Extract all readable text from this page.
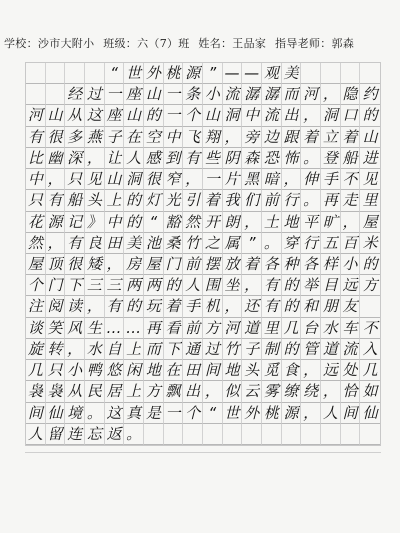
学校：沙市大附小 班级：六（7）班 姓名：王品家 指导老师：郭森
“ 世 外 桃 源 ” — — 观 美
经 过 一 座 山 一 条 小 流 潺 潺 而 河 ， 隐 约
河 山 从 这 座 山 的 一 个 山 洞 中 流 出 ， 洞 口 的
有 很 多 燕 子 在 空 中 飞 翔 ， 旁 边 跟 着 立 着 山
比 幽 深 ， 让 人 感 到 有 些 阴 森 恐 怖 。 登 船 进
中 ， 只 见 山 洞 很 窄 ， 一 片 黑 暗 ， 伸 手 不 见
只 有 船 头 上 的 灯 光 引 着 我 们 前 行 。 再 走 里
花 源 记 》 中 的 “ 豁 然 开 朗 ， 土 地 平 旷 ， 屋
然 ， 有 良 田 美 池 桑 竹 之 属 ” 。 穿 行 五 百 米
屋 顶 很 矮 ， 房 屋 门 前 摆 放 着 各 种 各 样 小 的
个 门 下 三 三 两 两 的 人 围 坐 ， 有 的 举 目 远 方
注 阅 读 ， 有 的 玩 着 手 机 ， 还 有 的 和 朋 友
谈 笑 风 生 … … 再 看 前 方 河 道 里 几 台 水 车 不
旋 转 ， 水 自 上 而 下 通 过 竹 子 制 的 管 道 流 入
几 只 小 鸭 悠 闲 地 在 田 间 地 头 觅 食 ， 远 处 几
袅 袅 从 民 居 上 方 飘 出 ， 似 云 雾 缭 绕 ， 恰 如
间 仙 境 。 这 真 是 一 个 “ 世 外 桃 源 ， 人 间 仙
人 留 连 忘 返 。
